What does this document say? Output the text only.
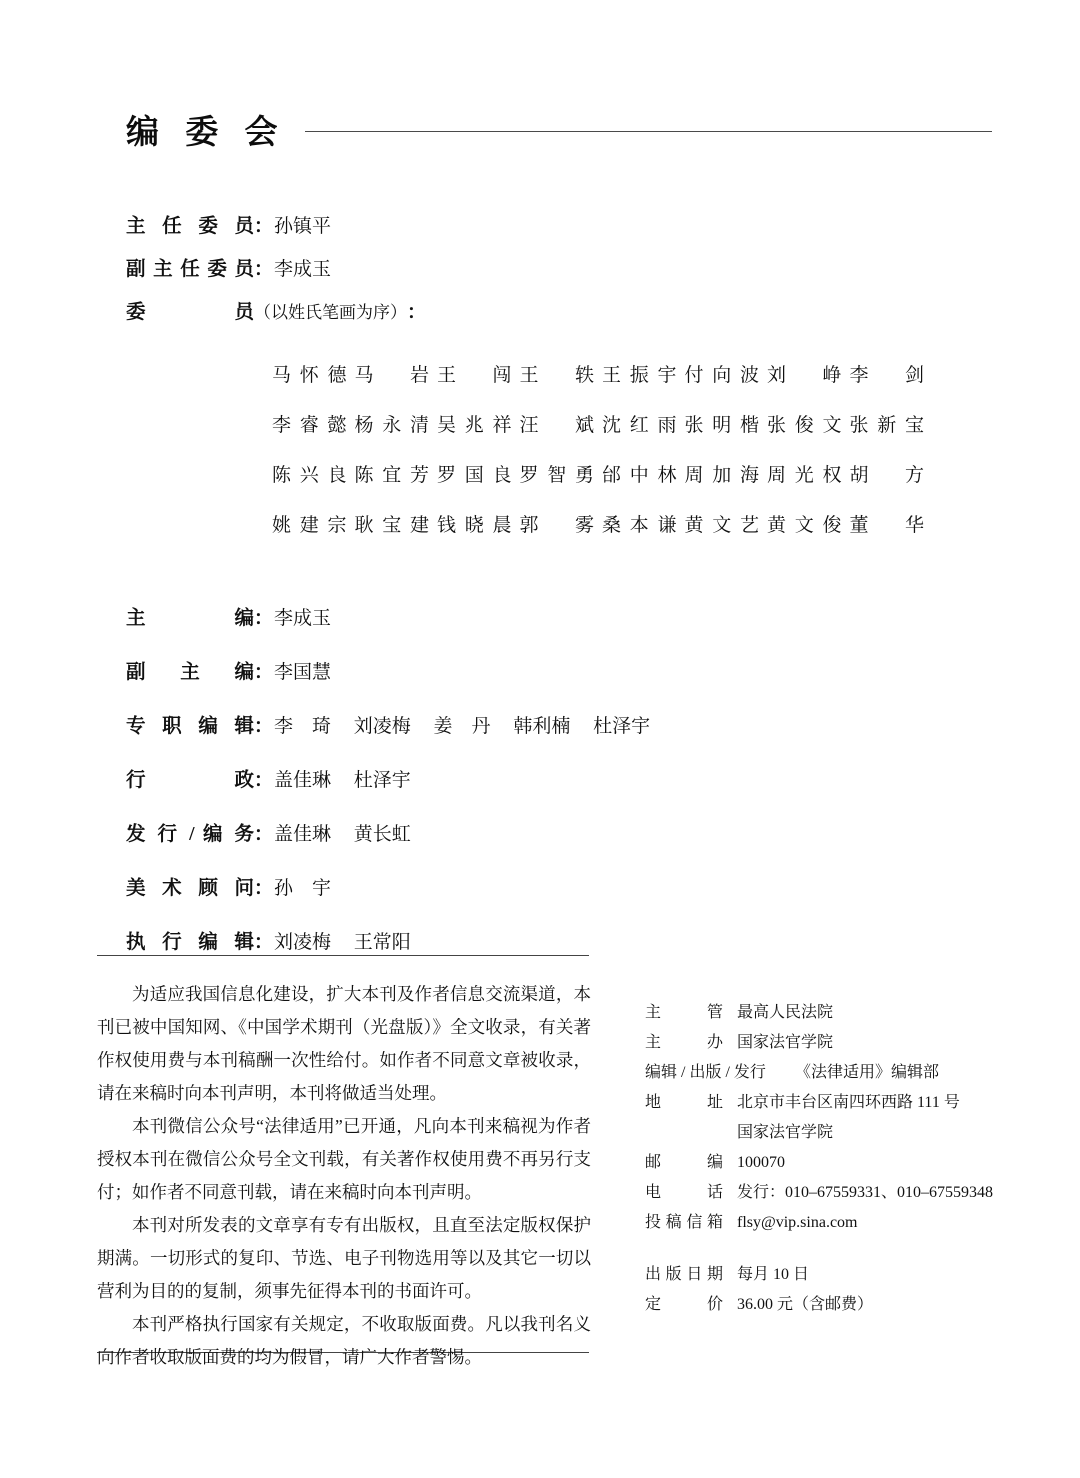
编 委 会
主 任 委 员 ： 孙镇平
副主任委员 ： 李成玉
委　　　员 （以姓氏笔画为序） ：
马怀德 马　岩 王　闯 王　轶 王振宇 付向波 刘　峥 李　剑
李睿懿 杨永清 吴兆祥 汪　斌 沈红雨 张明楷 张俊文 张新宝
陈兴良 陈宜芳 罗国良 罗智勇 邰中林 周加海 周光权 胡　方
姚建宗 耿宝建 钱晓晨 郭　雾 桑本谦 黄文艺 黄文俊 董　华
主　　　编 ： 李成玉
副　主　编 ： 李国慧
专 职 编 辑 ： 李　琦 刘凌梅 姜　丹 韩利楠 杜泽宇
行　　　政 ： 盖佳琳 杜泽宇
发 行 / 编 务 ： 盖佳琳 黄长虹
美 术 顾 问 ： 孙　宇
执 行 编 辑 ： 刘凌梅 王常阳

为适应我国信息化建设，扩大本刊及作者信息交流渠道，本刊已被中国知网、《中国学术期刊（光盘版）》全文收录，有关著作权使用费与本刊稿酬一次性给付。如作者不同意文章被收录，请在来稿时向本刊声明，本刊将做适当处理。

本刊微信公众号“法律适用”已开通，凡向本刊来稿视为作者授权本刊在微信公众号全文刊载，有关著作权使用费不再另行支付；如作者不同意刊载，请在来稿时向本刊声明。

本刊对所发表的文章享有专有出版权，且直至法定版权保护期满。一切形式的复印、节选、电子刊物选用等以及其它一切以营利为目的的复制，须事先征得本刊的书面许可。

本刊严格执行国家有关规定，不收取版面费。凡以我刊名义向作者收取版面费的均为假冒，请广大作者警惕。

主　　管 最高人民法院
主　　办 国家法官学院
编辑 / 出版 / 发行	《法律适用》编辑部
地　　址 北京市丰台区南四环西路 111 号
国家法官学院
邮　　编 100070
电　　话 发行：010–67559331、010–67559348
投稿信箱 flsy@vip.sina.com
出版日期 每月 10 日
定　　价 36.00 元（含邮费）
